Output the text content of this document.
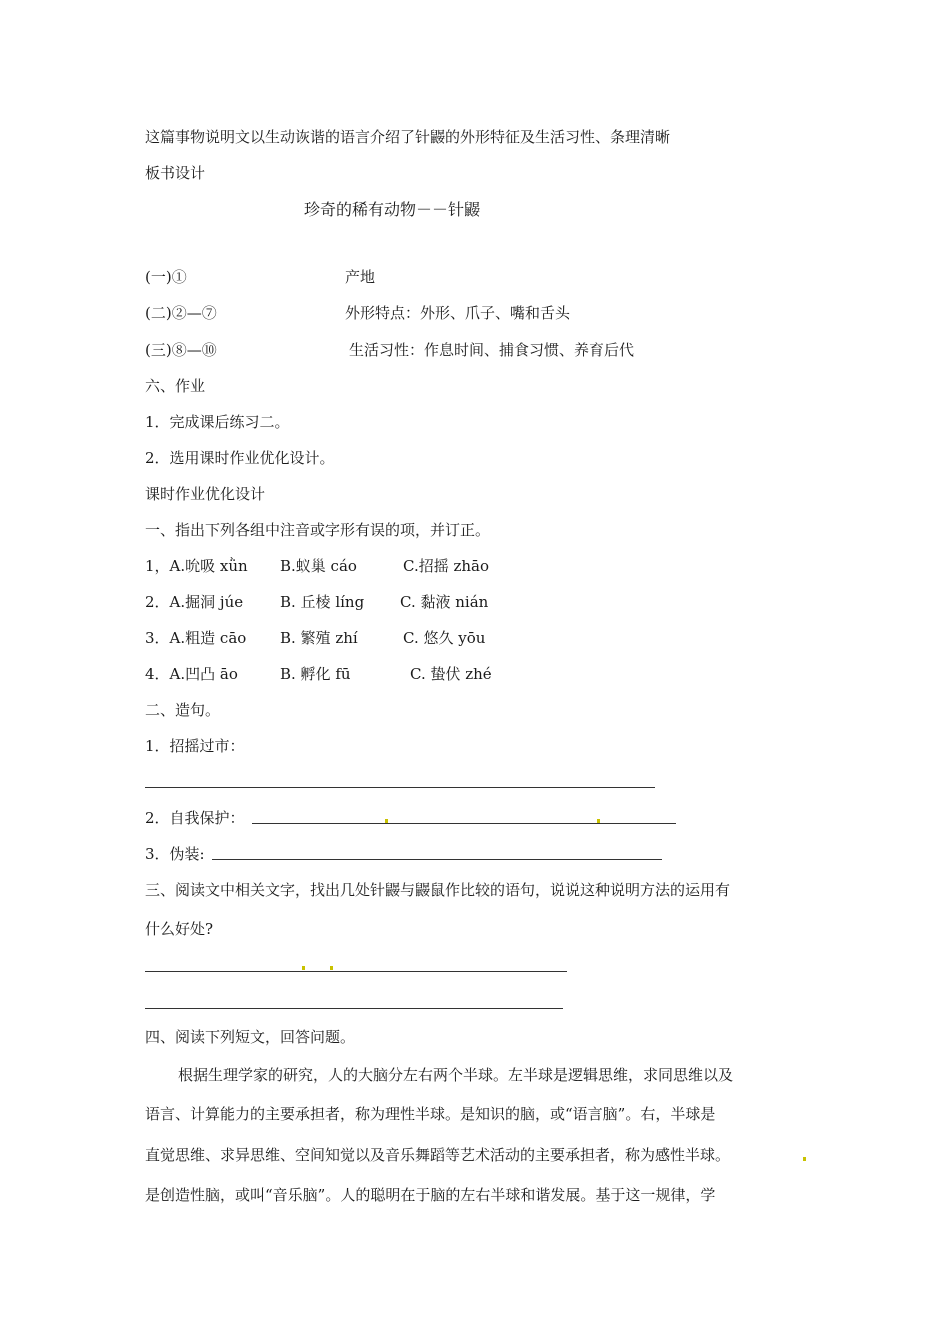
这篇事物说明文以生动诙谐的语言介绍了针鼹的外形特征及生活习性、条理清晰
板书设计
珍奇的稀有动物－－针鼹
(一)①	产地
(二)②—⑦	外形特点：外形、爪子、嘴和舌头
(三)⑧—⑩	生活习性：作息时间、捕食习惯、养育后代
六、作业
1．完成课后练习二。
2．选用课时作业优化设计。
课时作业优化设计
一、指出下列各组中注音或字形有误的项，并订正。
1，A.吮吸 xǜn B.蚁巢 cáo	C.招摇 zhāo
2．A.掘洞 júe B. 丘棱 líng C. 黏液 nián
3．A.粗造 cāo B. 繁殖 zhí	C. 悠久 yōu
4．A.凹凸 āo	B. 孵化 fū	C. 蛰伏 zhé
二、造句。
1．招摇过市：
2．自我保护：
3．伪装:
三、阅读文中相关文字，找出几处针鼹与鼹鼠作比较的语句，说说这种说明方法的运用有
什么好处?
四、阅读下列短文，回答问题。
根据生理学家的研究，人的大脑分左右两个半球。左半球是逻辑思维，求同思维以及
语言、计算能力的主要承担者，称为理性半球。是知识的脑，或“语言脑”。右，半球是
直觉思维、求异思维、空间知觉以及音乐舞蹈等艺术活动的主要承担者，称为感性半球。
是创造性脑，或叫“音乐脑”。人的聪明在于脑的左右半球和谐发展。基于这一规律，学
